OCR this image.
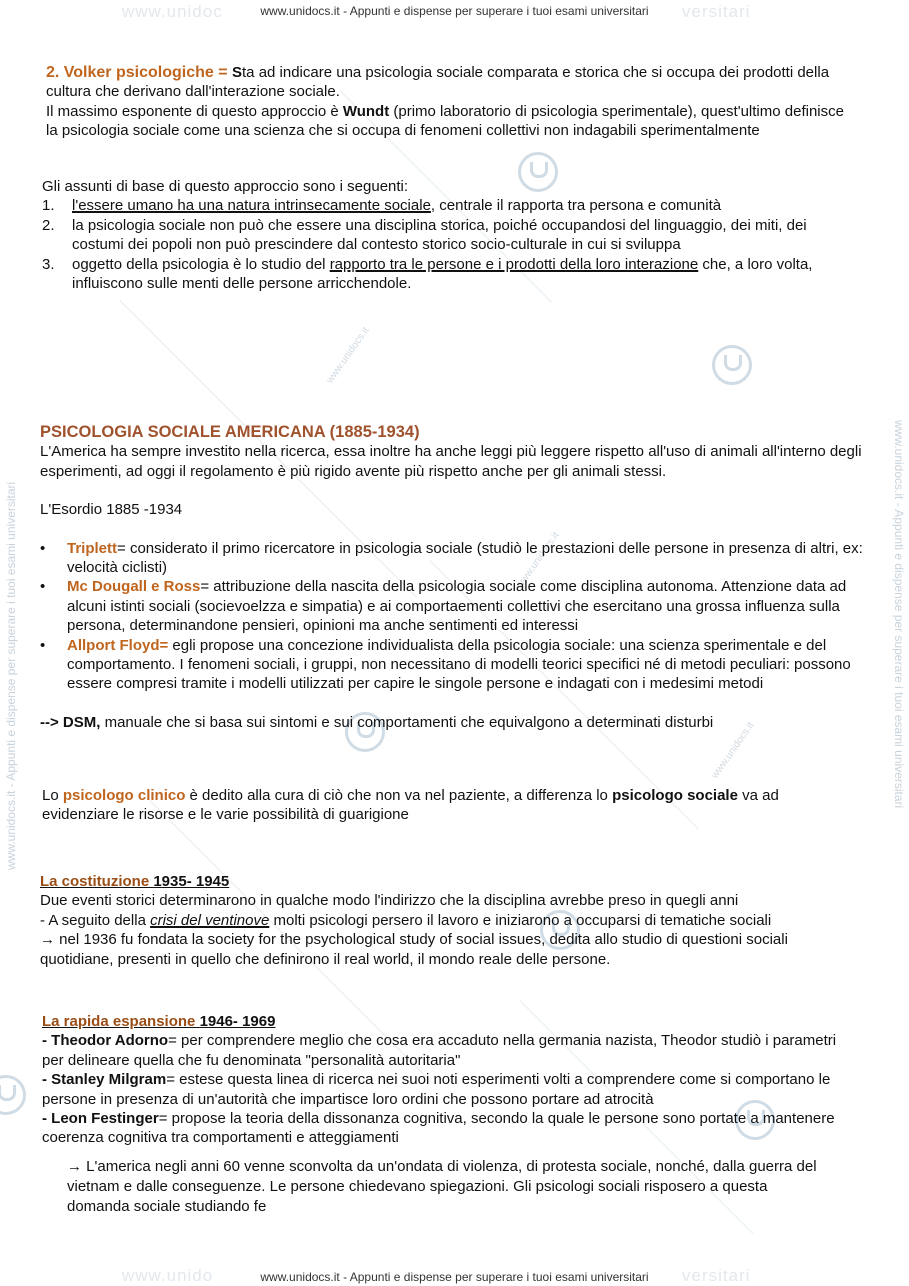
www.unidoc	versitari
www.unidocs.it - Appunti e dispense per superare i tuoi esami universitari
www.unido	versitari
www.unidocs.it - Appunti e dispense per superare i tuoi esami universitari
www.unidocs.it - Appunti e dispense per superare i tuoi esami universitari	www.unidocs.it - Appunti e dispense per superare i tuoi esami universitari
www.unidocs.it
www.unidocs.it
www.unidocs.it
2. Volker psicologiche = Sta ad indicare una psicologia sociale comparata e storica che si occupa dei prodotti della cultura che derivano dall'interazione sociale.
Il massimo esponente di questo approccio è Wundt (primo laboratorio di psicologia sperimentale), quest'ultimo definisce la psicologia sociale come una scienza che si occupa di fenomeni collettivi non indagabili sperimentalmente
Gli assunti di base di questo approccio sono i seguenti:
1. l'essere umano ha una natura intrinsecamente sociale, centrale il rapporta tra persona e comunità
2. la psicologia sociale non può che essere una disciplina storica, poiché occupandosi del linguaggio, dei miti, dei costumi dei popoli non può prescindere dal contesto storico socio-culturale in cui si sviluppa
3. oggetto della psicologia è lo studio del rapporto tra le persone e i prodotti della loro interazione che, a loro volta, influiscono sulle menti delle persone arricchendole.
PSICOLOGIA SOCIALE AMERICANA (1885-1934)
L'America ha sempre investito nella ricerca, essa inoltre ha anche leggi più leggere rispetto all'uso di animali all'interno degli esperimenti, ad oggi il regolamento è più rigido avente più rispetto anche per gli animali stessi.
L'Esordio 1885 -1934
• Triplett= considerato il primo ricercatore in psicologia sociale (studiò le prestazioni delle persone in presenza di altri, ex: velocità ciclisti)
• Mc Dougall e Ross= attribuzione della nascita della psicologia sociale come disciplina autonoma. Attenzione data ad alcuni istinti sociali (socievoelzza e simpatia) e ai comportaementi collettivi che esercitano una grossa influenza sulla persona, determinandone pensieri, opinioni ma anche sentimenti ed interessi
• Allport Floyd= egli propose una concezione individualista della psicologia sociale: una scienza sperimentale e del comportamento. I fenomeni sociali, i gruppi, non necessitano di modelli teorici specifici né di metodi peculiari: possono essere compresi tramite i modelli utilizzati per capire le singole persone e indagati con i medesimi metodi
--> DSM, manuale che si basa sui sintomi e sui comportamenti che equivalgono a determinati disturbi
Lo psicologo clinico è dedito alla cura di ciò che non va nel paziente, a differenza lo psicologo sociale va ad evidenziare le risorse e le varie possibilità di guarigione
La costituzione 1935- 1945
Due eventi storici determinarono in qualche modo l'indirizzo che la disciplina avrebbe preso in quegli anni
- A seguito della crisi del ventinove molti psicologi persero il lavoro e iniziarono a occuparsi di tematiche sociali
→ nel 1936 fu fondata la society for the psychological study of social issues, dedita allo studio di questioni sociali quotidiane, presenti in quello che definirono il real world, il mondo reale delle persone.
La rapida espansione 1946- 1969
- Theodor Adorno= per comprendere meglio che cosa era accaduto nella germania nazista, Theodor studiò i parametri per delineare quella che fu denominata "personalità autoritaria"
- Stanley Milgram= estese questa linea di ricerca nei suoi noti esperimenti volti a comprendere come si comportano le persone in presenza di un'autorità che impartisce loro ordini che possono portare ad atrocità
- Leon Festinger= propose la teoria della dissonanza cognitiva, secondo la quale le persone sono portate a mantenere coerenza cognitiva tra comportamenti e atteggiamenti
→ L'america negli anni 60 venne sconvolta da un'ondata di violenza, di protesta sociale, nonché, dalla guerra del vietnam e dalle conseguenze. Le persone chiedevano spiegazioni. Gli psicologi sociali risposero a questa domanda sociale studiando fe
